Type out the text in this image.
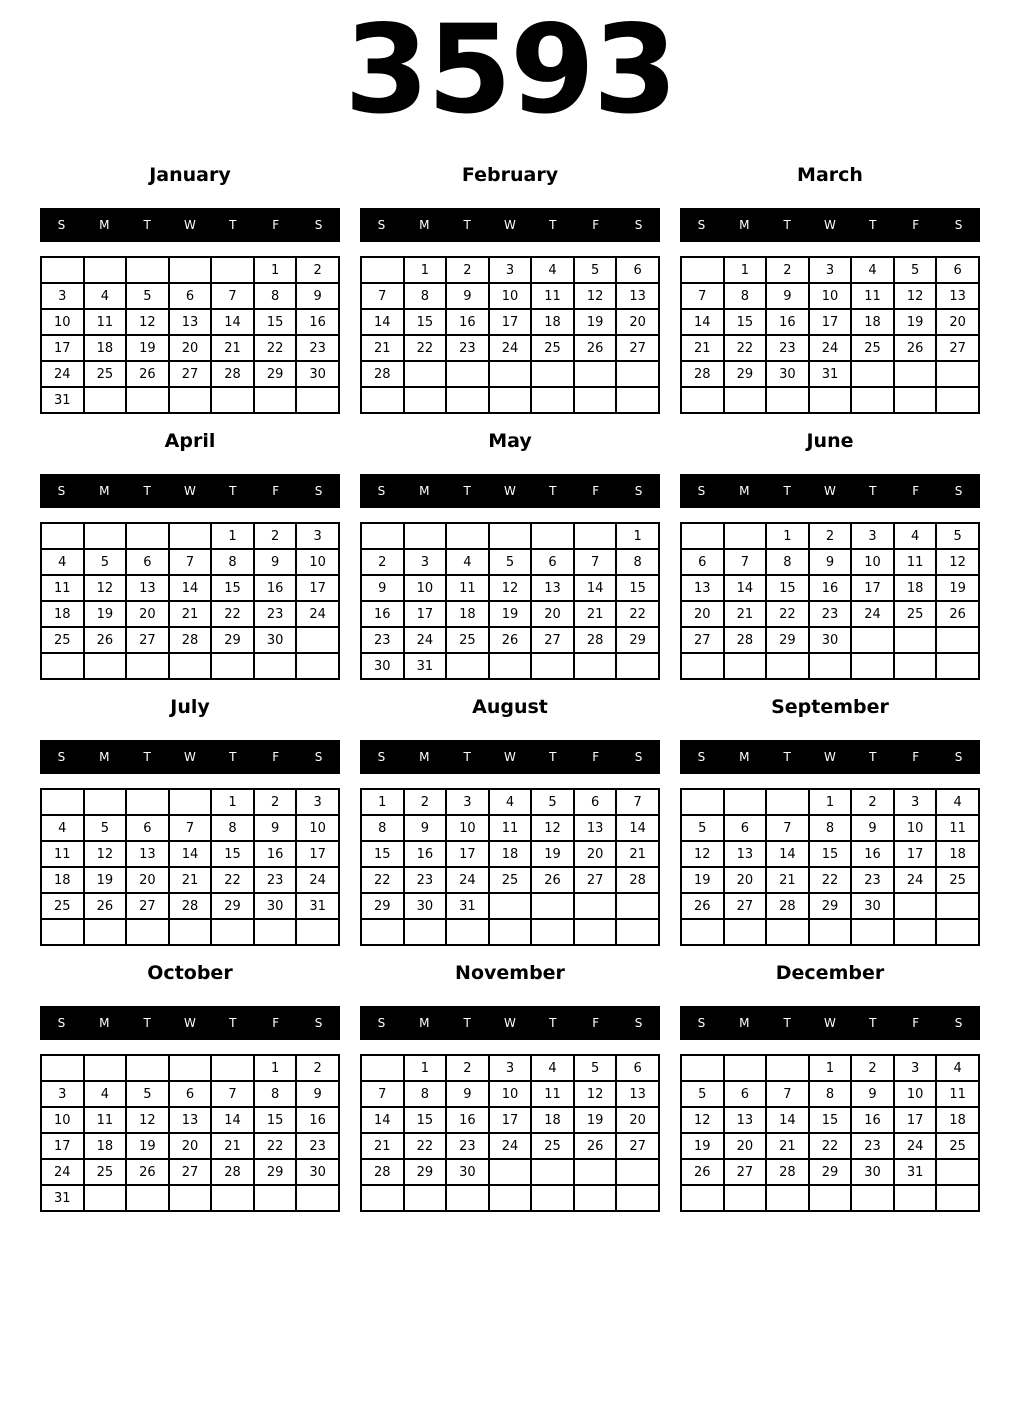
3593
January
S	M	T	W	T	F	S
					1	2
3	4	5	6	7	8	9
10	11	12	13	14	15	16
17	18	19	20	21	22	23
24	25	26	27	28	29	30
31						
February
S	M	T	W	T	F	S
	1	2	3	4	5	6
7	8	9	10	11	12	13
14	15	16	17	18	19	20
21	22	23	24	25	26	27
28						

March
S	M	T	W	T	F	S
	1	2	3	4	5	6
7	8	9	10	11	12	13
14	15	16	17	18	19	20
21	22	23	24	25	26	27
28	29	30	31			

April
S	M	T	W	T	F	S
				1	2	3
4	5	6	7	8	9	10
11	12	13	14	15	16	17
18	19	20	21	22	23	24
25	26	27	28	29	30	

May
S	M	T	W	T	F	S
						1
2	3	4	5	6	7	8
9	10	11	12	13	14	15
16	17	18	19	20	21	22
23	24	25	26	27	28	29
30	31					
June
S	M	T	W	T	F	S
		1	2	3	4	5
6	7	8	9	10	11	12
13	14	15	16	17	18	19
20	21	22	23	24	25	26
27	28	29	30			

July
S	M	T	W	T	F	S
				1	2	3
4	5	6	7	8	9	10
11	12	13	14	15	16	17
18	19	20	21	22	23	24
25	26	27	28	29	30	31

August
S	M	T	W	T	F	S
1	2	3	4	5	6	7
8	9	10	11	12	13	14
15	16	17	18	19	20	21
22	23	24	25	26	27	28
29	30	31				

September
S	M	T	W	T	F	S
			1	2	3	4
5	6	7	8	9	10	11
12	13	14	15	16	17	18
19	20	21	22	23	24	25
26	27	28	29	30		

October
S	M	T	W	T	F	S
					1	2
3	4	5	6	7	8	9
10	11	12	13	14	15	16
17	18	19	20	21	22	23
24	25	26	27	28	29	30
31						
November
S	M	T	W	T	F	S
	1	2	3	4	5	6
7	8	9	10	11	12	13
14	15	16	17	18	19	20
21	22	23	24	25	26	27
28	29	30				

December
S	M	T	W	T	F	S
			1	2	3	4
5	6	7	8	9	10	11
12	13	14	15	16	17	18
19	20	21	22	23	24	25
26	27	28	29	30	31	
